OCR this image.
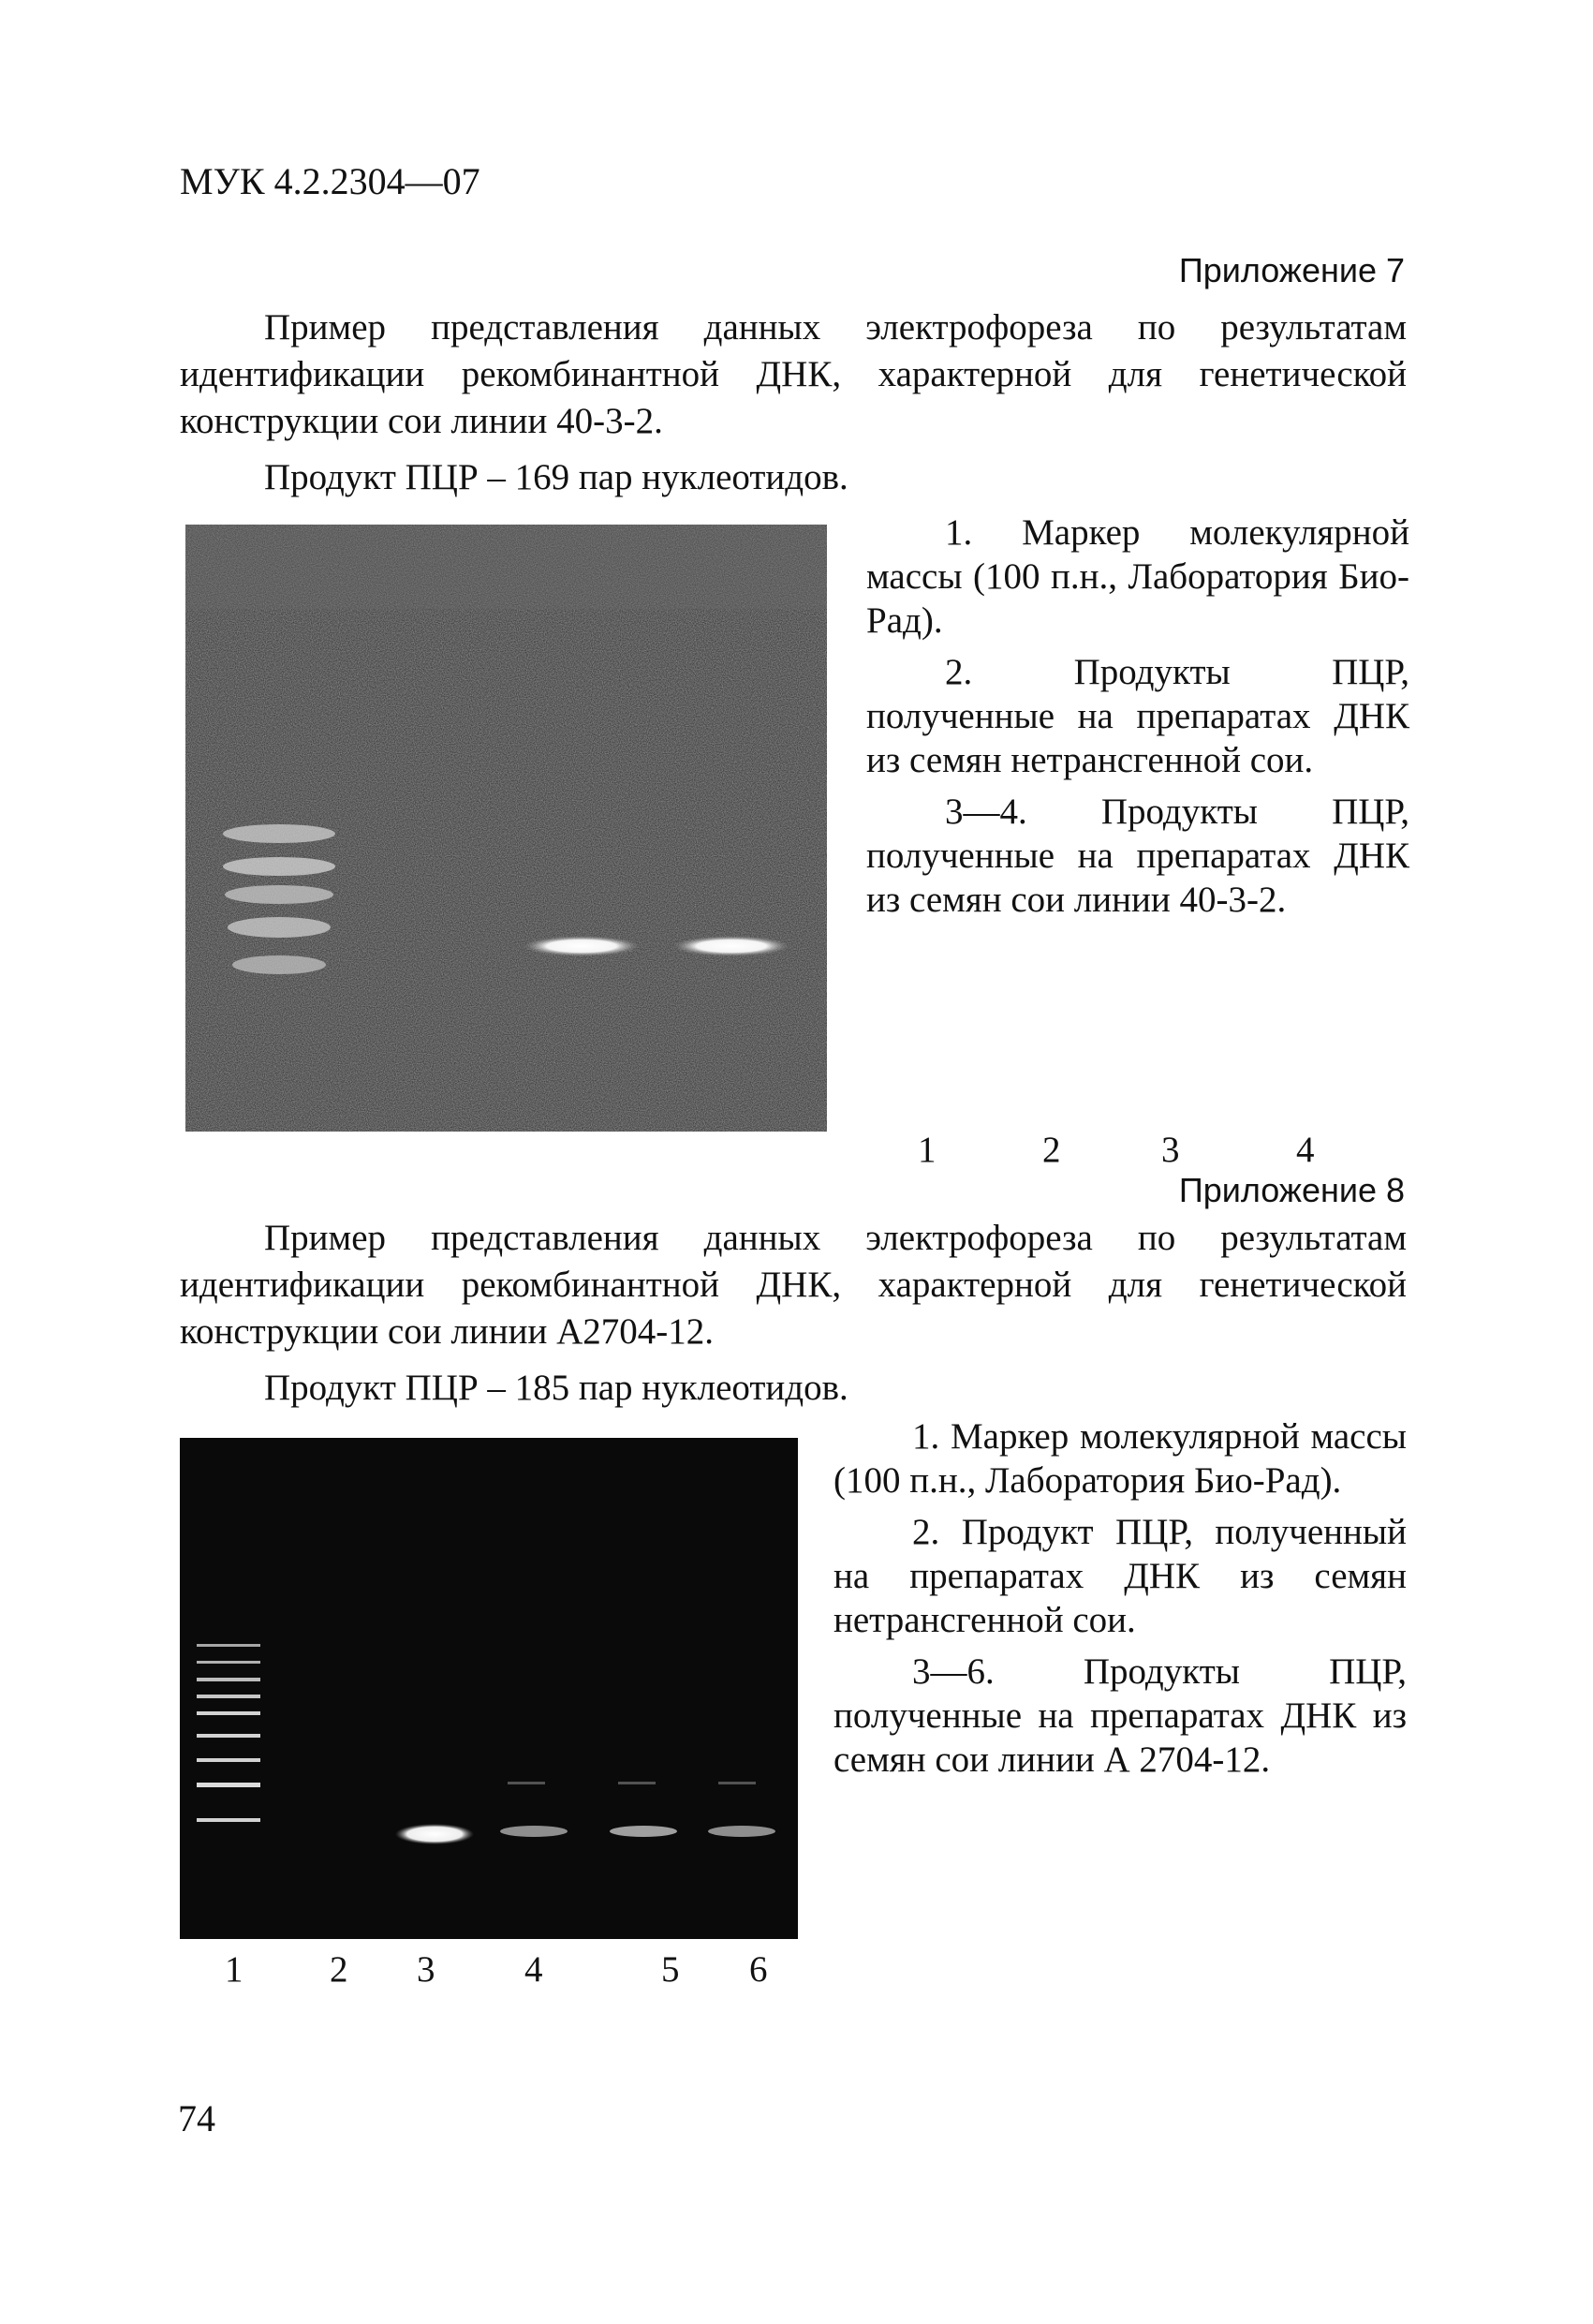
МУК 4.2.2304—07
Приложение 7

Пример представления данных электрофореза по результатам идентификации рекомбинантной ДНК, характерной для генетической конструкции сои линии 40-3-2.

Продукт ПЦР – 169 пар нуклеотидов.

1. Маркер молекулярной массы (100 п.н., Лаборатория Био-Рад).

2. Продукты ПЦР, полученные на препаратах ДНК из семян нетрансгенной сои.

3—4. Продукты ПЦР, полученные на препаратах ДНК из семян сои линии 40-3-2.

1	2	3	4
Приложение 8

Пример представления данных электрофореза по результатам идентификации рекомбинантной ДНК, характерной для генетической конструкции сои линии А2704-12.

Продукт ПЦР – 185 пар нуклеотидов.

1. Маркер молекулярной массы (100 п.н., Лаборатория Био-Рад).

2. Продукт ПЦР, полученный на препаратах ДНК из семян нетрансгенной сои.

3—6. Продукты ПЦР, полученные на препаратах ДНК из семян сои линии А 2704-12.

1 2 3 4	5 6
74
